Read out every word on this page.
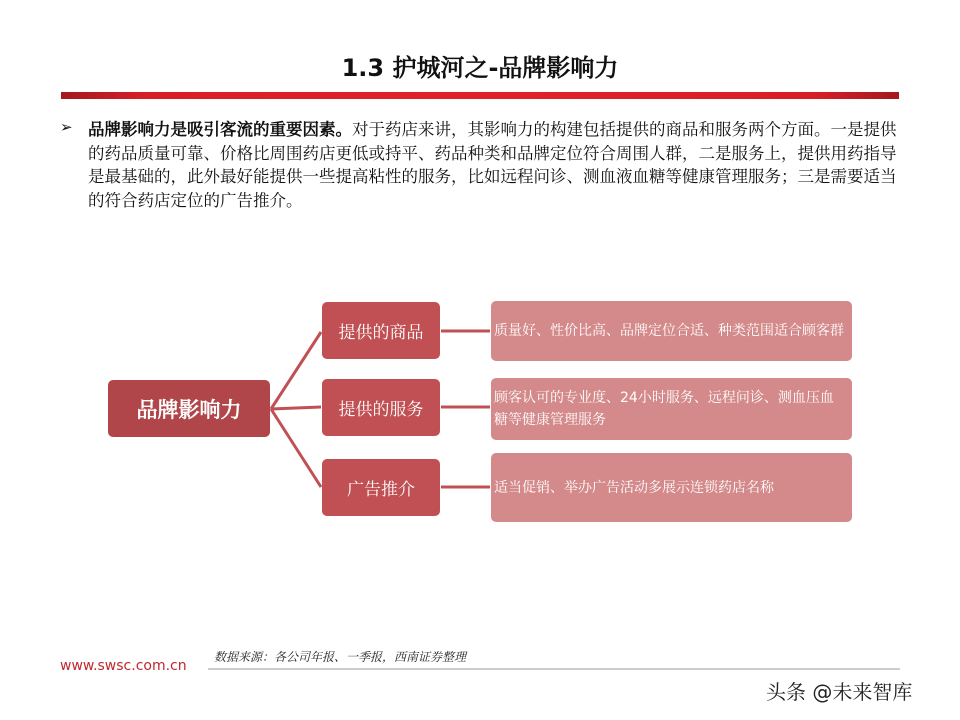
1.3 护城河之-品牌影响力
➢ 品牌影响力是吸引客流的重要因素。对于药店来讲，其影响力的构建包括提供的商品和服务两个方面。一是提供的药品质量可靠、价格比周围药店更低或持平、药品种类和品牌定位符合周围人群，二是服务上，提供用药指导是最基础的，此外最好能提供一些提高粘性的服务，比如远程问诊、测血液血糖等健康管理服务；三是需要适当的符合药店定位的广告推介。
品牌影响力
提供的商品
提供的服务
广告推介
质量好、性价比高、品牌定位合适、种类范围适合顾客群
顾客认可的专业度、24小时服务、远程问诊、测血压血糖等健康管理服务
适当促销、举办广告活动多展示连锁药店名称
数据来源：各公司年报、一季报，西南证券整理
www.swsc.com.cn
头条 @未来智库
